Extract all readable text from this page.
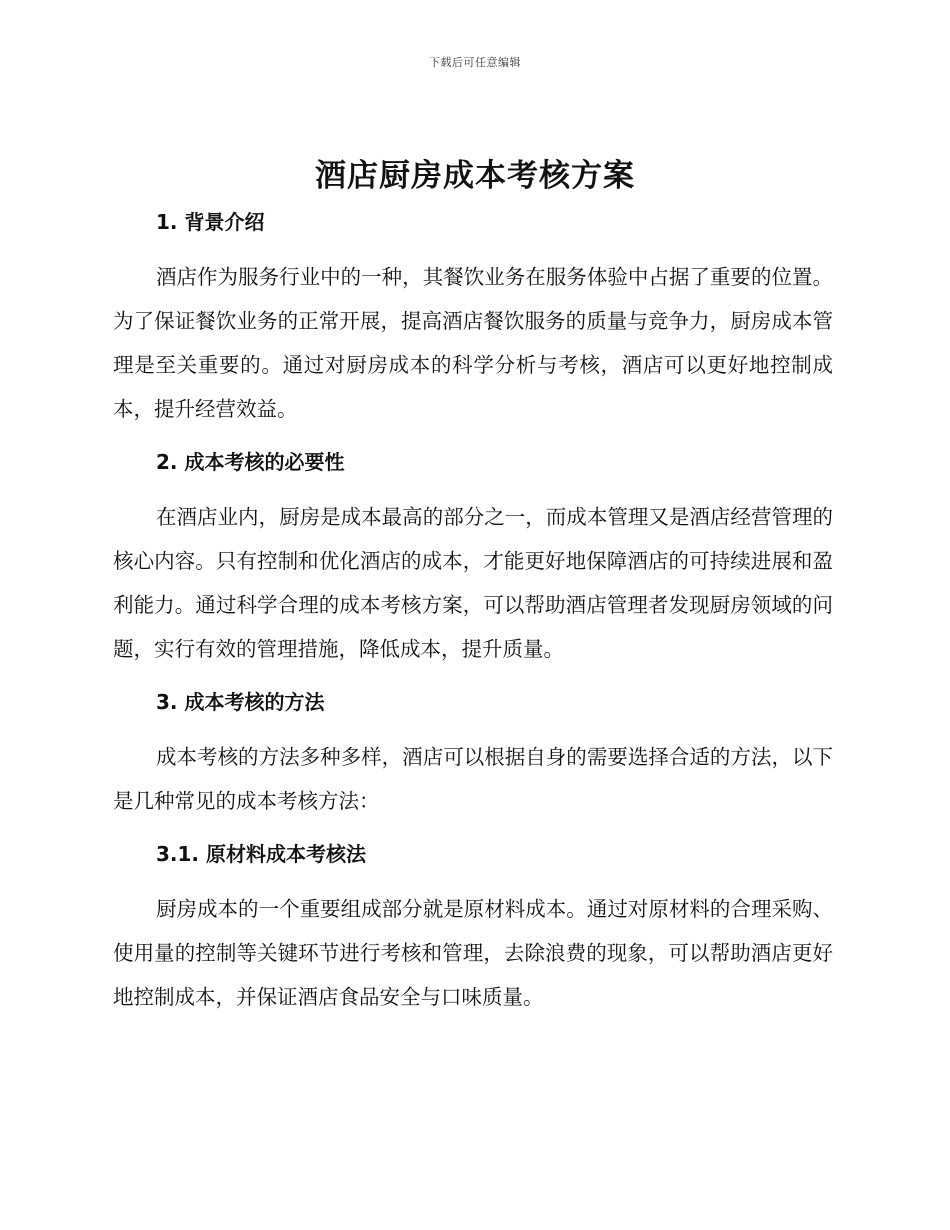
下载后可任意编辑
酒店厨房成本考核方案
1. 背景介绍

酒店作为服务行业中的一种，其餐饮业务在服务体验中占据了重要的位置。为了保证餐饮业务的正常开展，提高酒店餐饮服务的质量与竞争力，厨房成本管理是至关重要的。通过对厨房成本的科学分析与考核，酒店可以更好地控制成本，提升经营效益。

2. 成本考核的必要性

在酒店业内，厨房是成本最高的部分之一，而成本管理又是酒店经营管理的核心内容。只有控制和优化酒店的成本，才能更好地保障酒店的可持续进展和盈利能力。通过科学合理的成本考核方案，可以帮助酒店管理者发现厨房领域的问题，实行有效的管理措施，降低成本，提升质量。

3. 成本考核的方法

成本考核的方法多种多样，酒店可以根据自身的需要选择合适的方法，以下是几种常见的成本考核方法：

3.1. 原材料成本考核法

厨房成本的一个重要组成部分就是原材料成本。通过对原材料的合理采购、使用量的控制等关键环节进行考核和管理，去除浪费的现象，可以帮助酒店更好地控制成本，并保证酒店食品安全与口味质量。
